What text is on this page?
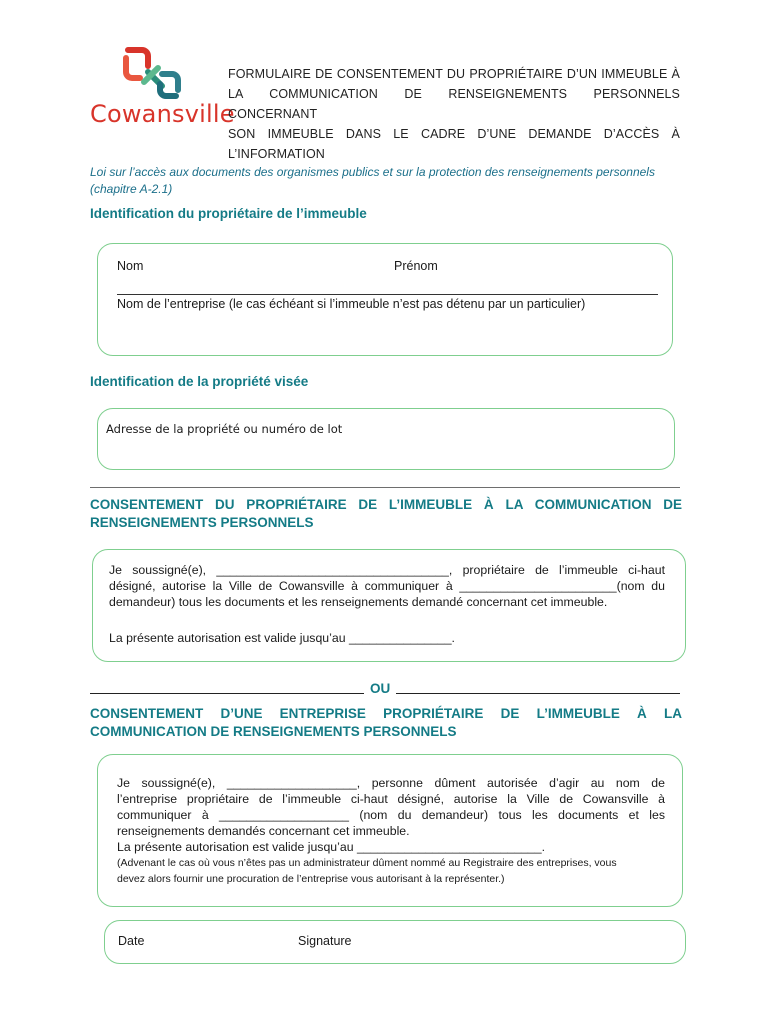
Cowansville
FORMULAIRE DE CONSENTEMENT DU PROPRIÉTAIRE D’UN IMMEUBLE À
LA COMMUNICATION DE RENSEIGNEMENTS PERSONNELS CONCERNANT
SON IMMEUBLE DANS LE CADRE D’UNE DEMANDE D’ACCÈS À
L’INFORMATION
Loi sur l’accès aux documents des organismes publics et sur la protection des renseignements personnels (chapitre A-2.1)
Identification du propriétaire de l’immeuble
Nom	Prénom
Nom de l’entreprise (le cas échéant si l’immeuble n’est pas détenu par un particulier)
Identification de la propriété visée
Adresse de la propriété ou numéro de lot
CONSENTEMENT DU PROPRIÉTAIRE DE L’IMMEUBLE À LA COMMUNICATION DE
RENSEIGNEMENTS PERSONNELS
Je soussigné(e), __________________________________, propriétaire de l’immeuble ci-haut
désigné, autorise la Ville de Cowansville à communiquer à _______________________(nom du
demandeur) tous les documents et les renseignements demandé concernant cet immeuble.
La présente autorisation est valide jusqu’au _______________.
OU
CONSENTEMENT D’UNE ENTREPRISE PROPRIÉTAIRE DE L’IMMEUBLE À LA
COMMUNICATION DE RENSEIGNEMENTS PERSONNELS
Je soussigné(e), ___________________, personne dûment autorisée d’agir au nom de
l’entreprise propriétaire de l’immeuble ci-haut désigné, autorise la Ville de Cowansville à
communiquer à ___________________ (nom du demandeur) tous les documents et les
renseignements demandés concernant cet immeuble.
La présente autorisation est valide jusqu’au ___________________________.
(Advenant le cas où vous n’êtes pas un administrateur dûment nommé au Registraire des entreprises, vous
devez alors fournir une procuration de l’entreprise vous autorisant à la représenter.)
Date	Signature
